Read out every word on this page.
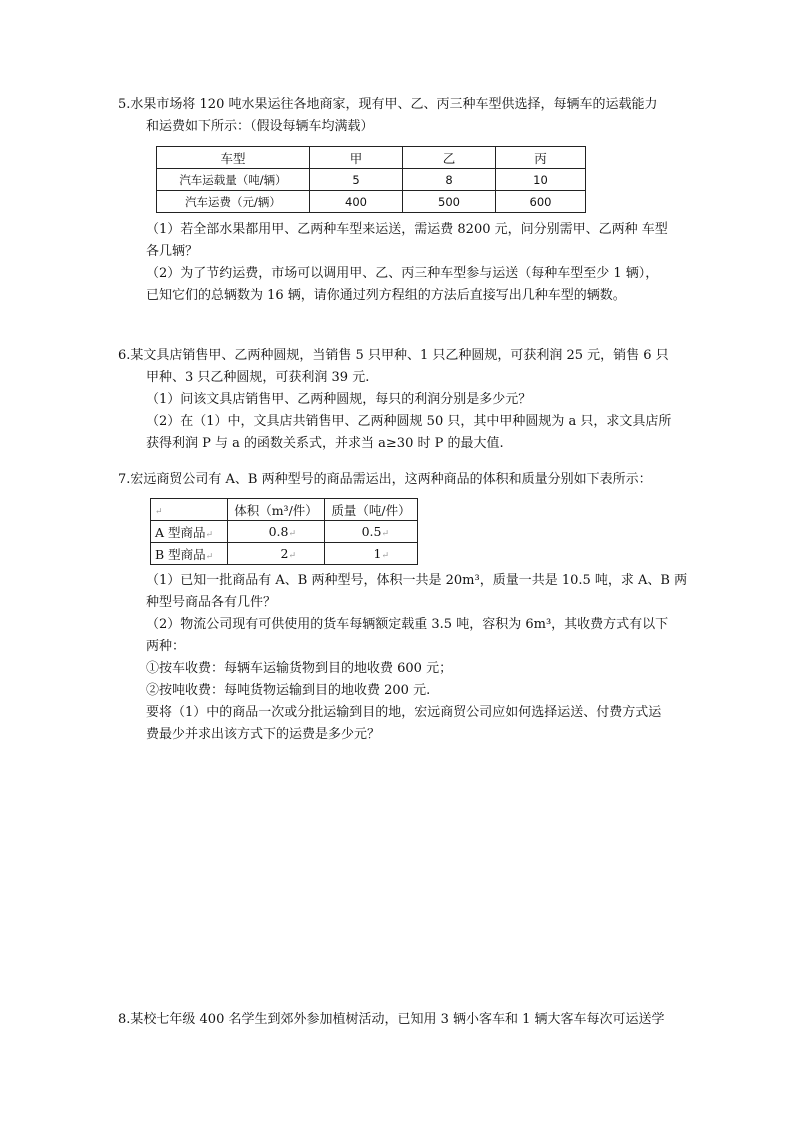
5.水果市场将 120 吨水果运往各地商家，现有甲、乙、丙三种车型供选择，每辆车的运载能力
和运费如下所示：（假设每辆车均满载）
车型	甲	乙	丙
汽车运载量（吨/辆）	5	8	10
汽车运费（元/辆）	400	500	600
（1）若全部水果都用甲、乙两种车型来运送，需运费 8200 元，问分别需甲、乙两种 车型
各几辆？
（2）为了节约运费，市场可以调用甲、乙、丙三种车型参与运送（每种车型至少 1 辆），
已知它们的总辆数为 16 辆，请你通过列方程组的方法后直接写出几种车型的辆数。
6.某文具店销售甲、乙两种圆规，当销售 5 只甲种、1 只乙种圆规，可获利润 25 元，销售 6 只
甲种、3 只乙种圆规，可获利润 39 元.
（1）问该文具店销售甲、乙两种圆规，每只的利润分别是多少元？
（2）在（1）中，文具店共销售甲、乙两种圆规 50 只，其中甲种圆规为 a 只，求文具店所
获得利润 P 与 a 的函数关系式，并求当 a≥30 时 P 的最大值.
7.宏远商贸公司有 A、B 两种型号的商品需运出，这两种商品的体积和质量分别如下表所示：
↵	体积（m³/件）	质量（吨/件）
A 型商品↵	0.8↵	0.5↵
B 型商品↵	2↵	1↵
（1）已知一批商品有 A、B 两种型号，体积一共是 20m³，质量一共是 10.5 吨，求 A、B 两
种型号商品各有几件？
（2）物流公司现有可供使用的货车每辆额定载重 3.5 吨，容积为 6m³，其收费方式有以下
两种：
①按车收费：每辆车运输货物到目的地收费 600 元；
②按吨收费：每吨货物运输到目的地收费 200 元.
要将（1）中的商品一次或分批运输到目的地，宏远商贸公司应如何选择运送、付费方式运
费最少并求出该方式下的运费是多少元？
8.某校七年级 400 名学生到郊外参加植树活动，已知用 3 辆小客车和 1 辆大客车每次可运送学
